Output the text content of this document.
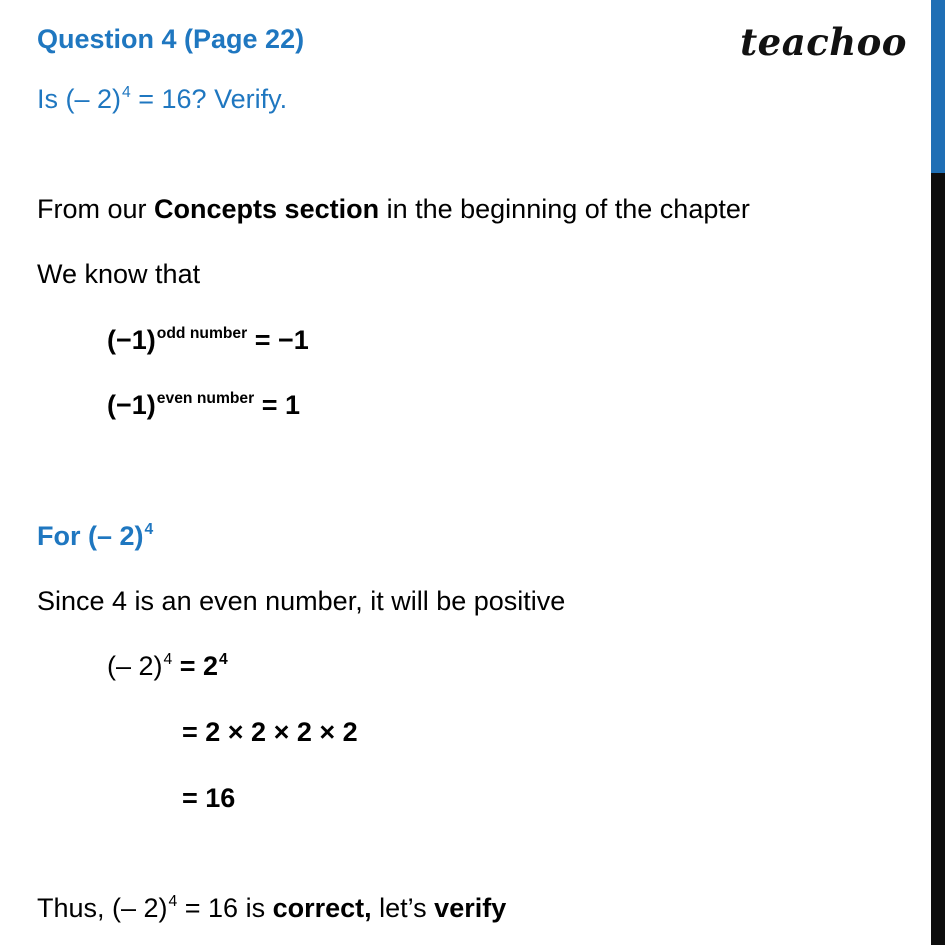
teachoo
Question 4 (Page 22)
Is (– 2)$^4$ = 16? Verify.
From our Concepts section in the beginning of the chapter
We know that
$(-1)^{odd number} = -1$
$(-1)^{even number} = 1$
For (– 2)$^4$
Since 4 is an even number, it will be positive
(– $2)^4 = 2^4$
= 2 × 2 × 2 × 2
= 16
Thus, (– 2)$^4$ = 16 is correct, let’s verify
